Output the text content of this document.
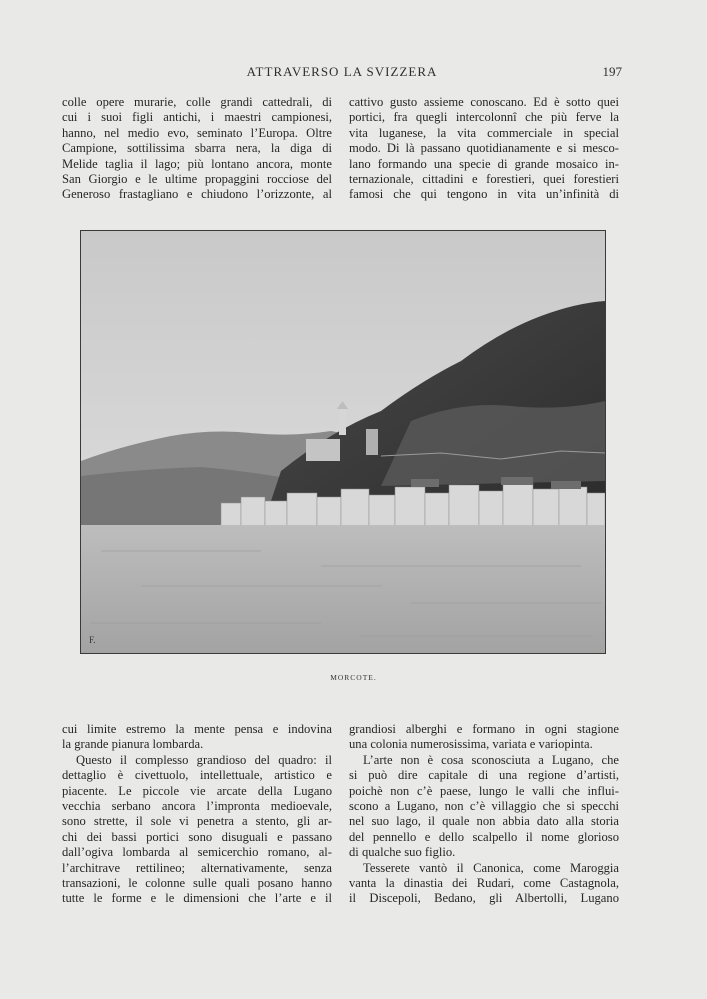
ATTRAVERSO LA SVIZZERA	197

colle opere murarie, colle grandi cattedrali, di

cui i suoi figli antichi, i maestri campionesi,

hanno, nel medio evo, seminato l’Europa. Oltre

Campione, sottilissima sbarra nera, la diga di

Melide taglia il lago; più lontano ancora, monte

San Giorgio e le ultime propaggini rocciose del

Generoso frastagliano e chiudono l’orizzonte, al

cattivo gusto assieme conoscano. Ed è sotto quei

portici, fra quegli intercolonnî che più ferve la

vita luganese, la vita commerciale in special

modo. Di là passano quotidianamente e si mesco-

lano formando una specie di grande mosaico in-

ternazionale, cittadini e forestieri, quei forestieri

famosi che qui tengono in vita un’infinità di

F.
MORCOTE.

cui limite estremo la mente pensa e indovina

la grande pianura lombarda.

Questo il complesso grandioso del quadro: il

dettaglio è civettuolo, intellettuale, artistico e

piacente. Le piccole vie arcate della Lugano

vecchia serbano ancora l’impronta medioevale,

sono strette, il sole vi penetra a stento, gli ar-

chi dei bassi portici sono disuguali e passano

dall’ogiva lombarda al semicerchio romano, al-

l’architrave rettilineo; alternativamente, senza

transazioni, le colonne sulle quali posano hanno

tutte le forme e le dimensioni che l’arte e il

grandiosi alberghi e formano in ogni stagione

una colonia numerosissima, variata e variopinta.

L’arte non è cosa sconosciuta a Lugano, che

si può dire capitale di una regione d’artisti,

poichè non c’è paese, lungo le valli che influi-

scono a Lugano, non c’è villaggio che si specchi

nel suo lago, il quale non abbia dato alla storia

del pennello e dello scalpello il nome glorioso

di qualche suo figlio.

Tesserete vantò il Canonica, come Maroggia

vanta la dinastia dei Rudari, come Castagnola,

il Discepoli, Bedano, gli Albertolli, Lugano
